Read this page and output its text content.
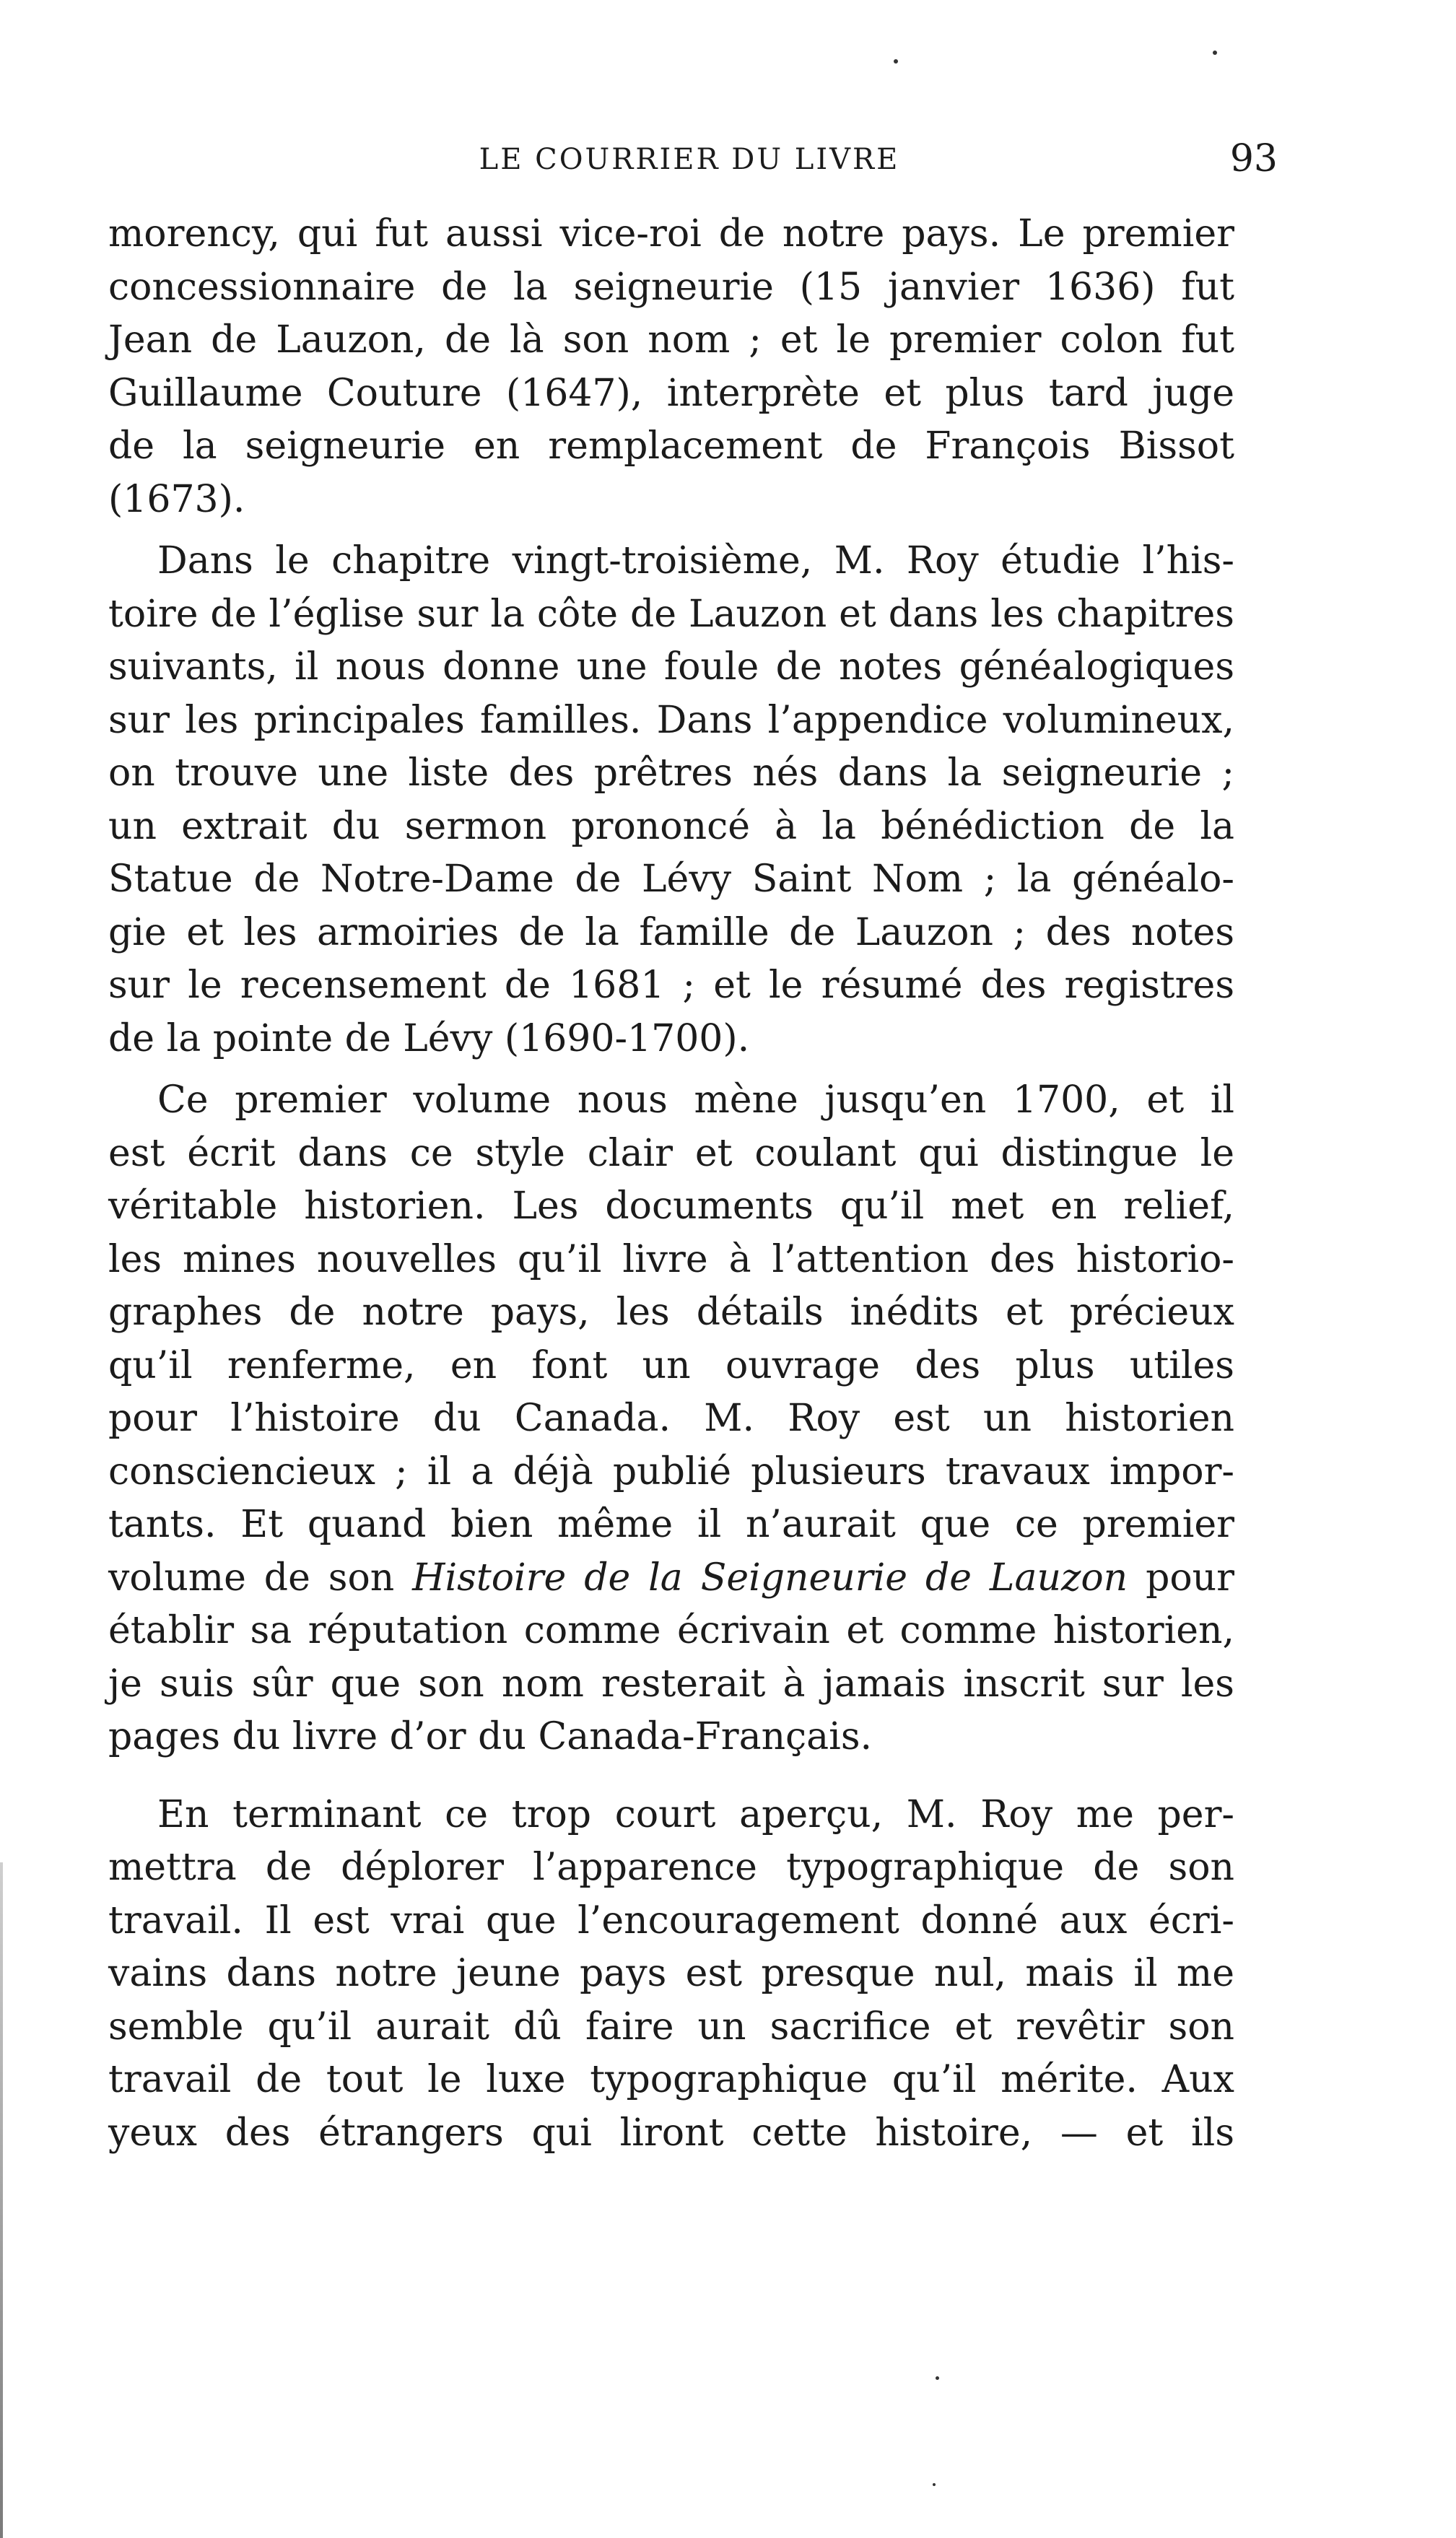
LE COURRIER DU LIVRE	93

morency, qui fut aussi vice-roi de notre pays. Le premier
concessionnaire de la seigneurie (15 janvier 1636) fut
Jean de Lauzon, de là son nom ; et le premier colon fut
Guillaume Couture (1647), interprète et plus tard juge
de la seigneurie en remplacement de François Bissot
(1673).

Dans le chapitre vingt-troisième, M. Roy étudie l’his-
toire de l’église sur la côte de Lauzon et dans les chapitres
suivants, il nous donne une foule de notes généalogiques
sur les principales familles. Dans l’appendice volumineux,
on trouve une liste des prêtres nés dans la seigneurie ;
un extrait du sermon prononcé à la bénédiction de la
Statue de Notre-Dame de Lévy Saint Nom ; la généalo-
gie et les armoiries de la famille de Lauzon ; des notes
sur le recensement de 1681 ; et le résumé des registres
de la pointe de Lévy (1690-1700).

Ce premier volume nous mène jusqu’en 1700, et il
est écrit dans ce style clair et coulant qui distingue le
véritable historien. Les documents qu’il met en relief,
les mines nouvelles qu’il livre à l’attention des historio-
graphes de notre pays, les détails inédits et précieux
qu’il renferme, en font un ouvrage des plus utiles
pour l’histoire du Canada. M. Roy est un historien
consciencieux ; il a déjà publié plusieurs travaux impor-
tants. Et quand bien même il n’aurait que ce premier
volume de son Histoire de la Seigneurie de Lauzon pour
établir sa réputation comme écrivain et comme historien,
je suis sûr que son nom resterait à jamais inscrit sur les
pages du livre d’or du Canada-Français.

En terminant ce trop court aperçu, M. Roy me per-
mettra de déplorer l’apparence typographique de son
travail. Il est vrai que l’encouragement donné aux écri-
vains dans notre jeune pays est presque nul, mais il me
semble qu’il aurait dû faire un sacrifice et revêtir son
travail de tout le luxe typographique qu’il mérite. Aux
yeux des étrangers qui liront cette histoire, — et ils
